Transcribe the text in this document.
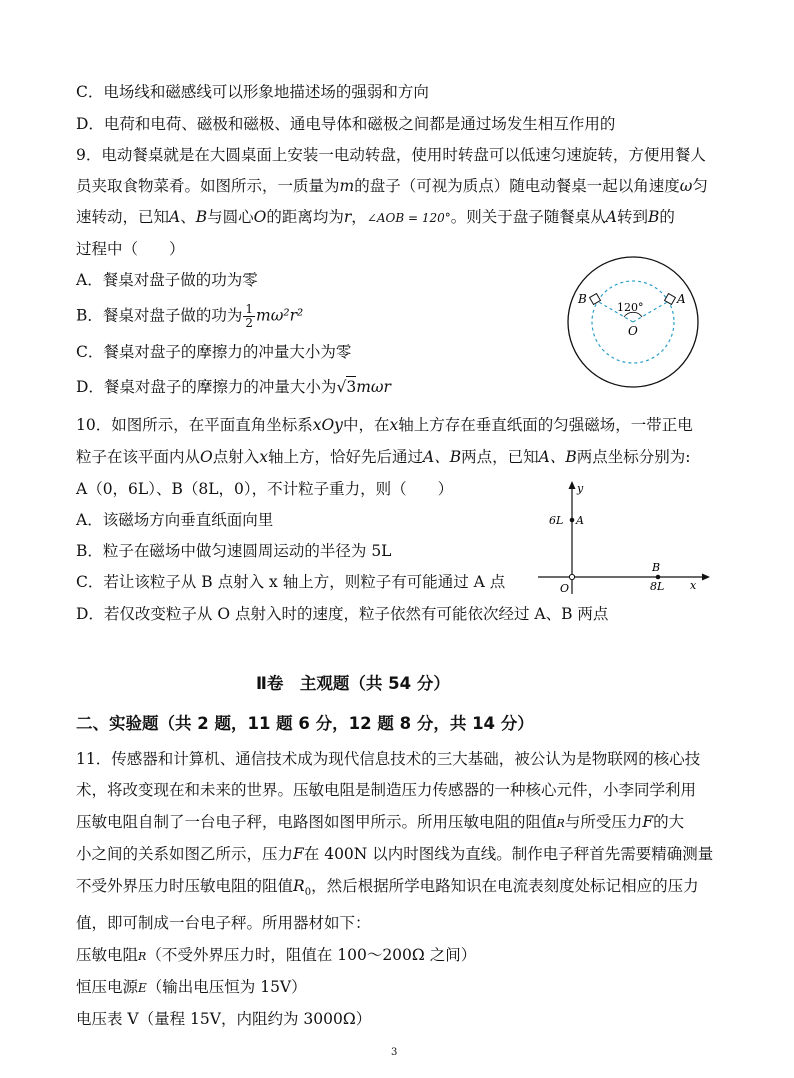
C．电场线和磁感线可以形象地描述场的强弱和方向
D．电荷和电荷、磁极和磁极、通电导体和磁极之间都是通过场发生相互作用的
9．电动餐桌就是在大圆桌面上安装一电动转盘，使用时转盘可以低速匀速旋转，方便用餐人
员夹取食物菜肴。如图所示，一质量为m的盘子（可视为质点）随电动餐桌一起以角速度ω匀
速转动，已知A、B与圆心O的距离均为r，∠AOB = 120°。则关于盘子随餐桌从A转到B的
过程中（　　）
A．餐桌对盘子做的功为零
B．餐桌对盘子做的功为 $\frac{1}{2} m\omega^2r^2$
C．餐桌对盘子的摩擦力的冲量大小为零
D．餐桌对盘子的摩擦力的冲量大小为√3mωr
B	A
120°
O
10．如图所示，在平面直角坐标系xOy中，在x轴上方存在垂直纸面的匀强磁场，一带正电
粒子在该平面内从O点射入x轴上方，恰好先后通过A、B两点，已知A、B两点坐标分别为:
A（0，6L）、B（8L，0），不计粒子重力，则（　　）
A．该磁场方向垂直纸面向里
B．粒子在磁场中做匀速圆周运动的半径为 5L
C．若让该粒子从 B 点射入 x 轴上方，则粒子有可能通过 A 点
D．若仅改变粒子从 O 点射入时的速度，粒子依然有可能依次经过 A、B 两点
y
x
O
6L A
B
8L
Ⅱ卷　主观题（共 54 分）
二、实验题（共 2 题，11 题 6 分，12 题 8 分，共 14 分）
11．传感器和计算机、通信技术成为现代信息技术的三大基础，被公认为是物联网的核心技
术，将改变现在和未来的世界。压敏电阻是制造压力传感器的一种核心元件，小李同学利用
压敏电阻自制了一台电子秤，电路图如图甲所示。所用压敏电阻的阻值R与所受压力F的大
小之间的关系如图乙所示，压力F在 400N 以内时图线为直线。制作电子秤首先需要精确测量
不受外界压力时压敏电阻的阻值$R_0$，然后根据所学电路知识在电流表刻度处标记相应的压力
值，即可制成一台电子秤。所用器材如下：
压敏电阻R（不受外界压力时，阻值在 100～200Ω 之间）
恒压电源E（输出电压恒为 15V）
电压表 V（量程 15V，内阻约为 3000Ω）
3
